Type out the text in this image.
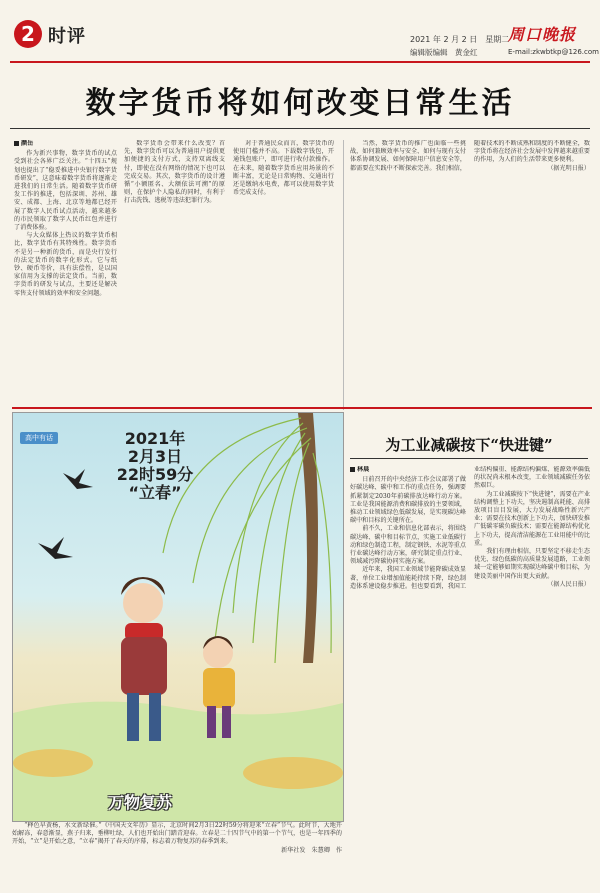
2 时评	2021 年 2 月 2 日　星期二
编辑版编辑　黄金红
周口晚报
E-mail:zkwbtkp@126.com
数字货币将如何改变日常生活

颜岳

作为新兴事物，数字货币的试点受到社会各界广泛关注。“十四五”规划也提出了“稳妥推进中央银行数字货币研发”，这意味着数字货币将逐渐走进我们的日常生活。随着数字货币研发工作的推进，包括深圳、苏州、雄安、成都、上海、北京等地都已经开展了数字人民币试点活动，越来越多的市民领取了数字人民币红包并进行了消费体验。

与大众媒体上热议的数字货币相比，数字货币有其特殊性。数字货币不是另一种新的货币，而是央行发行的法定货币的数字化形式。它与纸钞、硬币等价，具有法偿性，是以国家信用为支撑的法定货币。当前，数字货币的研发与试点，主要还是解决零售支付领域的效率和安全问题。

数字货币会带来什么改变？首先，数字货币可以为普通用户提供更加便捷的支付方式，支持双离线支付，即使在没有网络的情况下也可以完成交易。其次，数字货币的设计遵循“小额匿名、大额依法可溯”的原则，在保护个人隐私的同时，有利于打击洗钱、逃税等违法犯罪行为。

对于普通民众而言，数字货币的使用门槛并不高。下载数字钱包，开通钱包账户，即可进行收付款操作。在未来，随着数字货币应用场景的不断丰富，无论是日常购物、交通出行还是缴纳水电费，都可以使用数字货币完成支付。

当然，数字货币的推广也面临一些挑战，如何兼顾效率与安全、如何与现有支付体系协调发展、如何保障用户信息安全等，都需要在实践中不断探索完善。我们相信，随着技术的不断成熟和制度的不断健全，数字货币将在经济社会发展中发挥越来越重要的作用，为人们的生活带来更多便利。

（据光明日报）

高中有话	2021年
2月3日
22时59分
“立春”
万物复苏

“释色早黄杨，水文新绿催。”《中国天文年历》显示，北京时间2月3日22时59分将迎来“立春”节气。此时节，大地开始解冻，春意渐显，燕子归来，垂柳吐绿，人们也开始出门踏青迎春。立春是二十四节气中的第一个节气，也是一年四季的开始，“立”是开始之意，“立春”揭开了春天的序幕，标志着万物复苏的春季到来。

新华社发　朱慧卿　作

为工业减碳按下“快进键”

林晨

日前召开的中央经济工作会议部署了做好碳达峰、碳中和工作的重点任务，强调要抓紧制定2030年前碳排放达峰行动方案。工业是我国能源消费和碳排放的主要领域，推动工业领域绿色低碳发展，是实现碳达峰碳中和目标的关键所在。

前不久，工业和信息化部表示，将围绕碳达峰、碳中和目标节点，实施工业低碳行动和绿色制造工程，制定钢铁、水泥等重点行业碳达峰行动方案，研究制定重点行业、领域减污降碳协同实施方案。

近年来，我国工业领域节能降碳成效显著，单位工业增加值能耗持续下降，绿色制造体系建设稳步推进。但也要看到，我国工业结构偏重、能源结构偏煤、能源效率偏低的状况尚未根本改变，工业领域减碳任务依然艰巨。

为工业减碳按下“快进键”，需要在产业结构调整上下功夫，坚决遏制高耗能、高排放项目盲目发展，大力发展战略性新兴产业；需要在技术创新上下功夫，加快研发推广低碳零碳负碳技术；需要在能源结构优化上下功夫，提高清洁能源在工业用能中的比重。

我们有理由相信，只要坚定不移走生态优先、绿色低碳的高质量发展道路，工业领域一定能够如期实现碳达峰碳中和目标，为建设美丽中国作出更大贡献。

（据人民日报）
